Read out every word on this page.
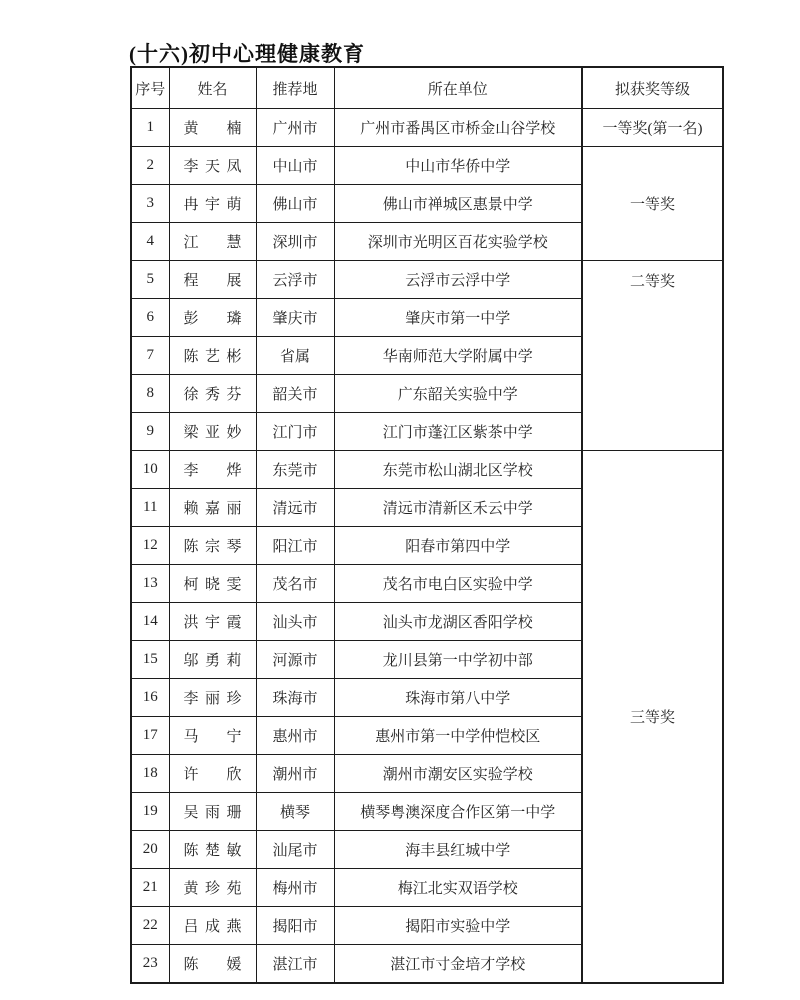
(十六)初中心理健康教育
序号	姓名	推荐地	所在单位	拟获奖等级
1	黄楠	广州市	广州市番禺区市桥金山谷学校	一等奖(第一名)
2	李天凤	中山市	中山市华侨中学	一等奖
3	冉宇萌	佛山市	佛山市禅城区惠景中学	
4	江慧	深圳市	深圳市光明区百花实验学校	
5	程展	云浮市	云浮市云浮中学	二等奖
6	彭璘	肇庆市	肇庆市第一中学	
7	陈艺彬	省属	华南师范大学附属中学	
8	徐秀芬	韶关市	广东韶关实验中学	
9	梁亚妙	江门市	江门市蓬江区紫茶中学	
10	李烨	东莞市	东莞市松山湖北区学校	三等奖
11	赖嘉丽	清远市	清远市清新区禾云中学	
12	陈宗琴	阳江市	阳春市第四中学	
13	柯晓雯	茂名市	茂名市电白区实验中学	
14	洪宇霞	汕头市	汕头市龙湖区香阳学校	
15	邬勇莉	河源市	龙川县第一中学初中部	
16	李丽珍	珠海市	珠海市第八中学	
17	马宁	惠州市	惠州市第一中学仲恺校区	
18	许欣	潮州市	潮州市潮安区实验学校	
19	吴雨珊	横琴	横琴粤澳深度合作区第一中学	
20	陈楚敏	汕尾市	海丰县红城中学	
21	黄珍苑	梅州市	梅江北实双语学校	
22	吕成燕	揭阳市	揭阳市实验中学	
23	陈媛	湛江市	湛江市寸金培才学校	
